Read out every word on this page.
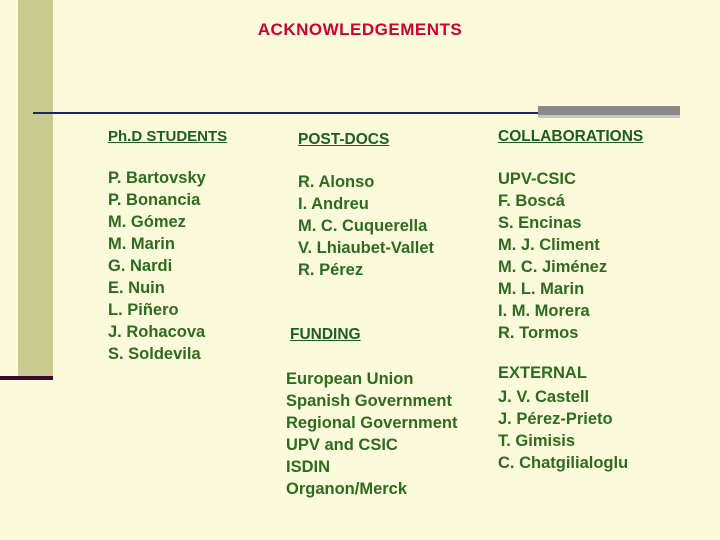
ACKNOWLEDGEMENTS
Ph.D STUDENTS
P. Bartovsky
P. Bonancia
M. Gómez
M. Marin
G. Nardi
E. Nuin
L. Piñero
J. Rohacova
S. Soldevila
POST-DOCS
R. Alonso
I. Andreu
M. C. Cuquerella
V. Lhiaubet-Vallet
R. Pérez
FUNDING
European Union
Spanish Government
Regional Government
UPV and CSIC
ISDIN
Organon/Merck
COLLABORATIONS
UPV-CSIC
F. Boscá
S. Encinas
M. J. Climent
M. C. Jiménez
M. L. Marin
I. M. Morera
R. Tormos
EXTERNAL
J. V. Castell
J. Pérez-Prieto
T. Gimisis
C. Chatgilialoglu
